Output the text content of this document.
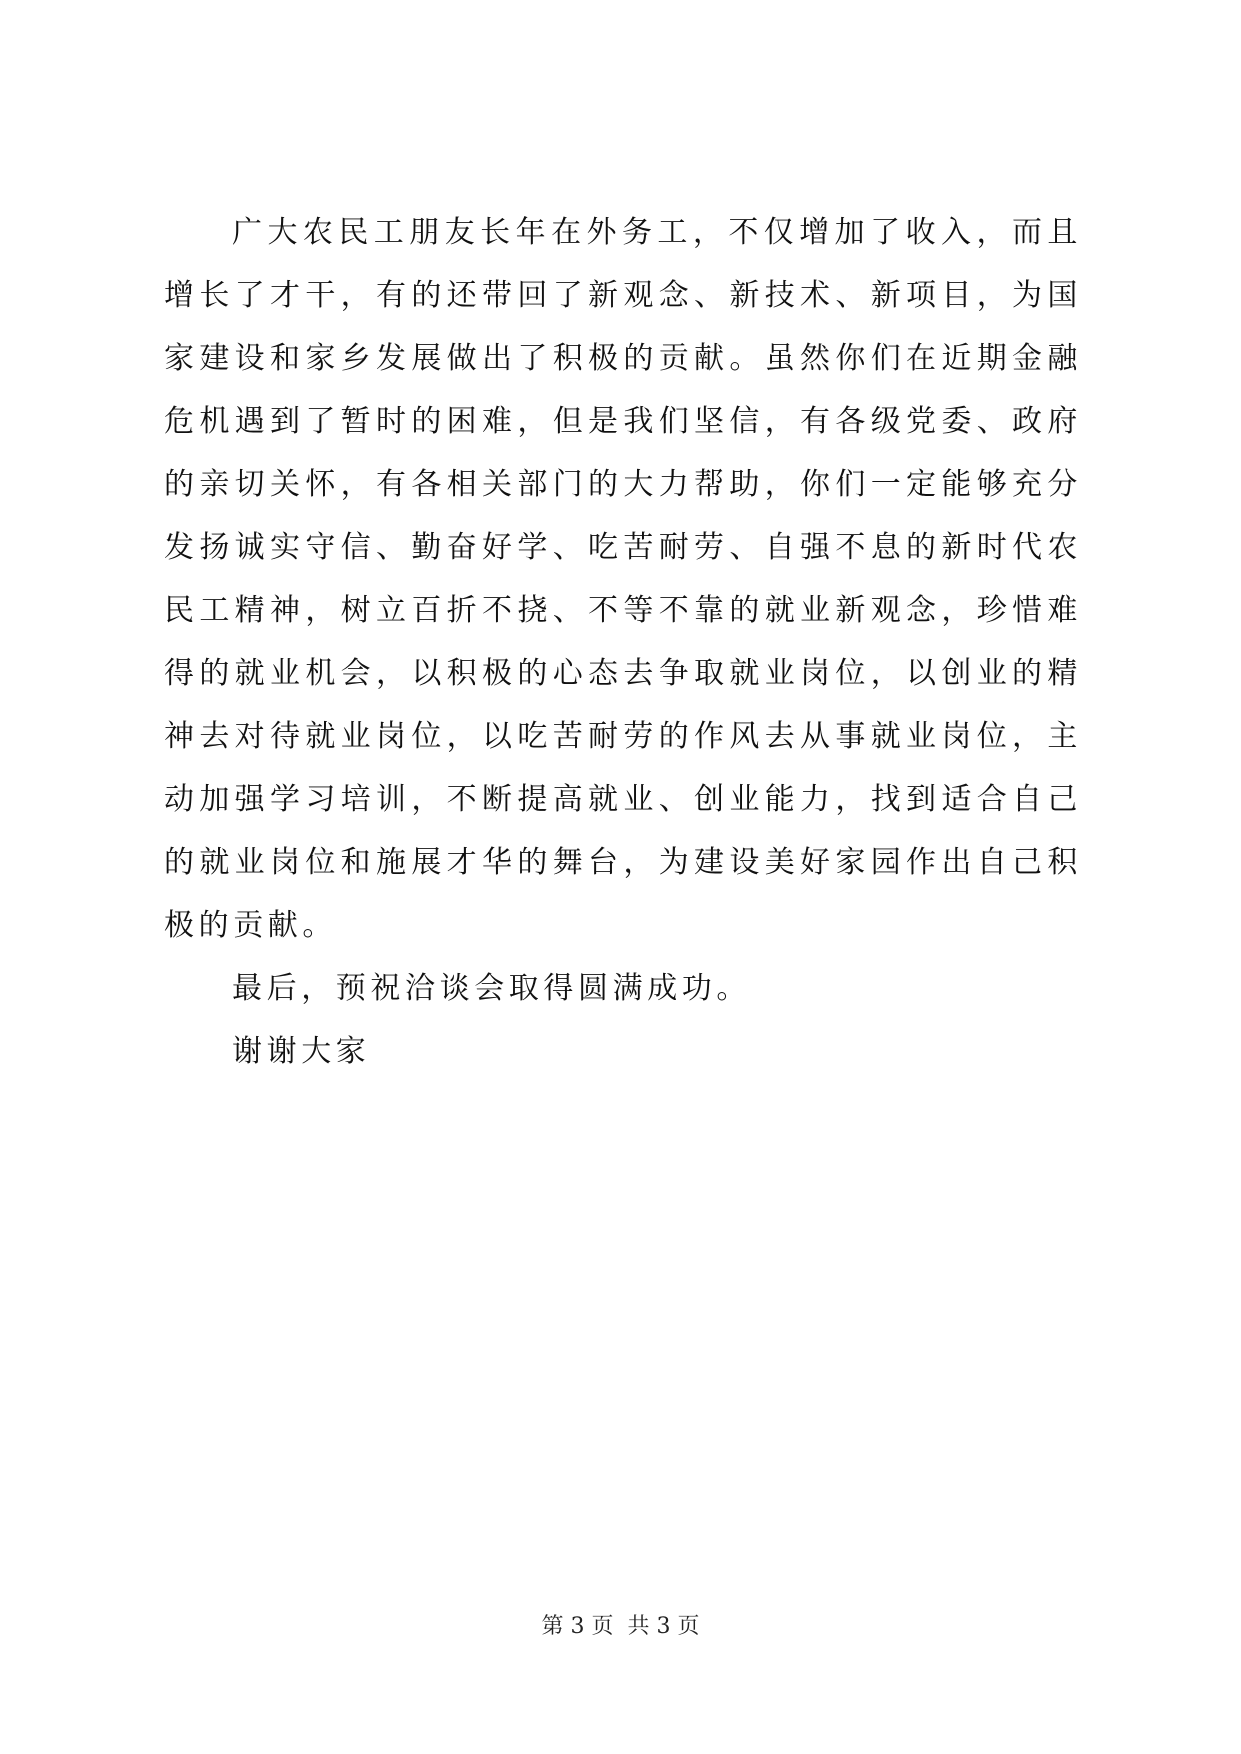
广大农民工朋友长年在外务工，不仅增加了收入，而且增长了才干，有的还带回了新观念、新技术、新项目，为国家建设和家乡发展做出了积极的贡献。虽然你们在近期金融危机遇到了暂时的困难，但是我们坚信，有各级党委、政府的亲切关怀，有各相关部门的大力帮助，你们一定能够充分发扬诚实守信、勤奋好学、吃苦耐劳、自强不息的新时代农民工精神，树立百折不挠、不等不靠的就业新观念，珍惜难得的就业机会，以积极的心态去争取就业岗位，以创业的精神去对待就业岗位，以吃苦耐劳的作风去从事就业岗位，主动加强学习培训，不断提高就业、创业能力，找到适合自己的就业岗位和施展才华的舞台，为建设美好家园作出自己积极的贡献。

最后，预祝洽谈会取得圆满成功。

谢谢大家

第 3 页 共 3 页
